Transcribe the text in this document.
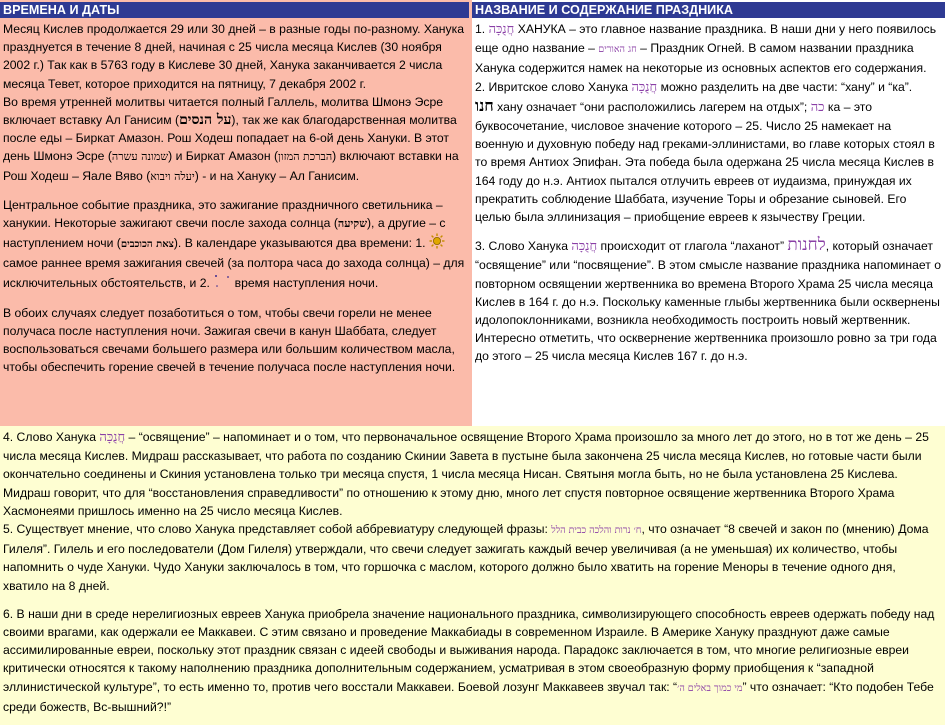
ВРЕМЕНА И ДАТЫ

Месяц Кислев продолжается 29 или 30 дней – в разные годы по-разному. Ханука празднуется в течение 8 дней, начиная с 25 числа месяца Кислев (30 ноября 2002 г.) Так как в 5763 году в Кислеве 30 дней, Ханука заканчивается 2 числа месяца Тевет, которое приходится на пятницу, 7 декабря 2002 г.

Во время утренней молитвы читается полный Галлель, молитва Шмонэ Эсре включает вставку Ал Ганисим (על הנסים), так же как благодарственная молитва после еды – Биркат Амазон. Рош Ходеш попадает на 6-ой день Хануки. В этот день Шмонэ Эсре (שמונה עשרה) и Биркат Амазон (הברכת המזון) включают вставки на Рош Ходеш – Яале Вяво (יעלה ויבוא) - и на Хануку – Ал Ганисим.

Центральное событие праздника, это зажигание праздничного светильника – ханукии. Некоторые зажигают свечи после захода солнца (שקיעה), а другие – с наступлением ночи (צאת הכוכבים). В календаре указываются два времени: 1.  самое раннее время зажигания свечей (за полтора часа до захода солнца) – для исключительных обстоятельств, и 2.  время наступления ночи.

В обоих случаях следует позаботиться о том, чтобы свечи горели не менее получаса после наступления ночи. Зажигая свечи в канун Шаббата, следует воспользоваться свечами большего размера или большим количеством масла, чтобы обеспечить горение свечей в течение получаса после наступления ночи.

НАЗВАНИЕ И СОДЕРЖАНИЕ ПРАЗДНИКА

1. חֲנֻכָּה ХАНУКА – это главное название праздника. В наши дни у него появилось еще одно название – חג האורים – Праздник Огней. В самом названии праздника Ханука содержится намек на некоторые из основных аспектов его содержания.

2. Ивритское слово Ханука חֲנֻכָּה можно разделить на две части: “хану” и “ка”.
חנו хану означает “они расположились лагерем на отдых”; כה ка – это буквосочетание, числовое значение которого – 25. Число 25 намекает на военную и духовную победу над греками-эллинистами, во главе которых стоял в то время Антиох Эпифан. Эта победа была одержана 25 числа месяца Кислев в 164 году до н.э. Антиох пытался отлучить евреев от иудаизма, принуждая их прекратить соблюдение Шаббата, изучение Торы и обрезание сыновей. Его целью была эллинизация – приобщение евреев к язычеству Греции.

3. Слово Ханука חֲנֻכָּה происходит от глагола “лаханот” לחנות, который означает “освящение” или “посвящение”. В этом смысле название праздника напоминает о повторном освящении жертвенника во времена Второго Храма 25 числа месяца Кислев в 164 г. до н.э. Поскольку каменные глыбы жертвенника были осквернены идолопоклонниками, возникла необходимость построить новый жертвенник. Интересно отметить, что осквернение жертвенника произошло ровно за три года до этого – 25 числа месяца Кислев 167 г. до н.э.

4. Слово Ханука חֲנֻכָּה – “освящение” – напоминает и о том, что первоначальное освящение Второго Храма произошло за много лет до этого, но в тот же день – 25 числа месяца Кислев. Мидраш рассказывает, что работа по созданию Скинии Завета в пустыне была закончена 25 числа месяца Кислев, но готовые части были окончательно соединены и Скиния установлена только три месяца спустя, 1 числа месяца Нисан. Святыня могла быть, но не была установлена 25 Кислева. Мидраш говорит, что для “восстановления справедливости” по отношению к этому дню, много лет спустя повторное освящение жертвенника Второго Храма Хасмонеями пришлось именно на 25 число месяца Кислев.

5. Существует мнение, что слово Ханука представляет собой аббревиатуру следующей фразы: ח׳ נרות והלכה כבית הלל, что означает “8 свечей и закон по (мнению) Дома Гилеля”. Гилель и его последователи (Дом Гилеля) утверждали, что свечи следует зажигать каждый вечер увеличивая (а не уменьшая) их количество, чтобы напомнить о чуде Хануки. Чудо Хануки заключалось в том, что горшочка с маслом, которого должно было хватить на горение Меноры в течение одного дня, хватило на 8 дней.

6. В наши дни в среде нерелигиозных евреев Ханука приобрела значение национального праздника, символизирующего способность евреев одержать победу над своими врагами, как одержали ее Маккавеи. С этим связано и проведение Маккабиады в современном Израиле. В Америке Хануку празднуют даже самые ассимилированные евреи, поскольку этот праздник связан с идеей свободы и выживания народа. Парадокс заключается в том, что многие религиозные евреи критически относятся к такому наполнению праздника дополнительным содержанием, усматривая в этом своеобразную форму приобщения к “западной эллинистической культуре”, то есть именно то, против чего восстали Маккавеи. Боевой лозунг Маккавеев звучал так: “מי כמוך באלים ה׳” что означает: “Кто подобен Тебе среди божеств, Вс-вышний?!”
